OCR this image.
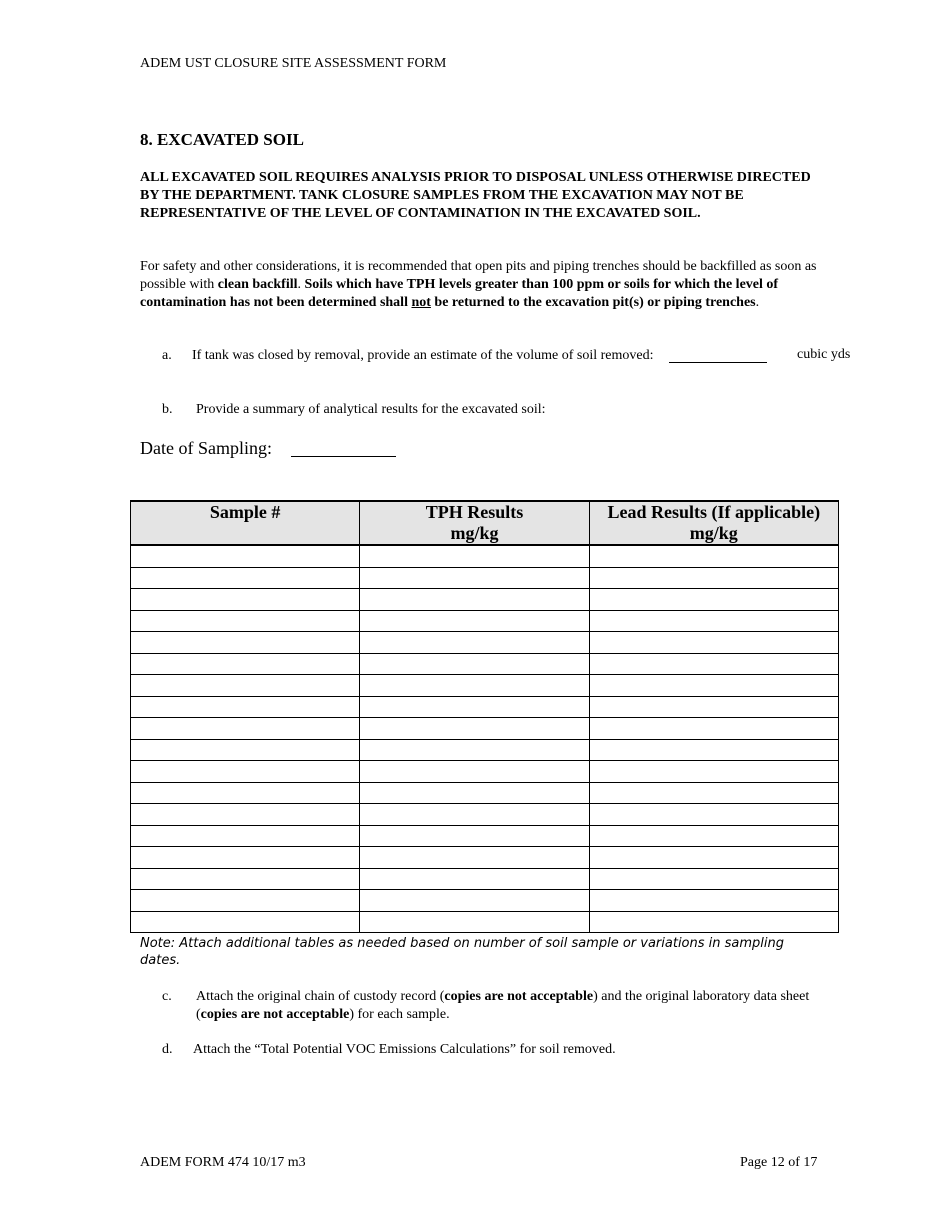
ADEM UST CLOSURE SITE ASSESSMENT FORM
8. EXCAVATED SOIL
ALL EXCAVATED SOIL REQUIRES ANALYSIS PRIOR TO DISPOSAL UNLESS OTHERWISE DIRECTED BY THE DEPARTMENT. TANK CLOSURE SAMPLES FROM THE EXCAVATION MAY NOT BE REPRESENTATIVE OF THE LEVEL OF CONTAMINATION IN THE EXCAVATED SOIL.
For safety and other considerations, it is recommended that open pits and piping trenches should be backfilled as soon as possible with clean backfill. Soils which have TPH levels greater than 100 ppm or soils for which the level of contamination has not been determined shall not be returned to the excavation pit(s) or piping trenches.
a. If tank was closed by removal, provide an estimate of the volume of soil removed:	cubic yds
b. Provide a summary of analytical results for the excavated soil:
Date of Sampling:
Sample #	TPH Results	Lead Results (If applicable)
	mg/kg	mg/kg

Note: Attach additional tables as needed based on number of soil sample or variations in sampling dates.
c. Attach the original chain of custody record (copies are not acceptable) and the original laboratory data sheet (copies are not acceptable) for each sample.
d. Attach the “Total Potential VOC Emissions Calculations” for soil removed.
ADEM FORM 474 10/17 m3	Page 12 of 17
